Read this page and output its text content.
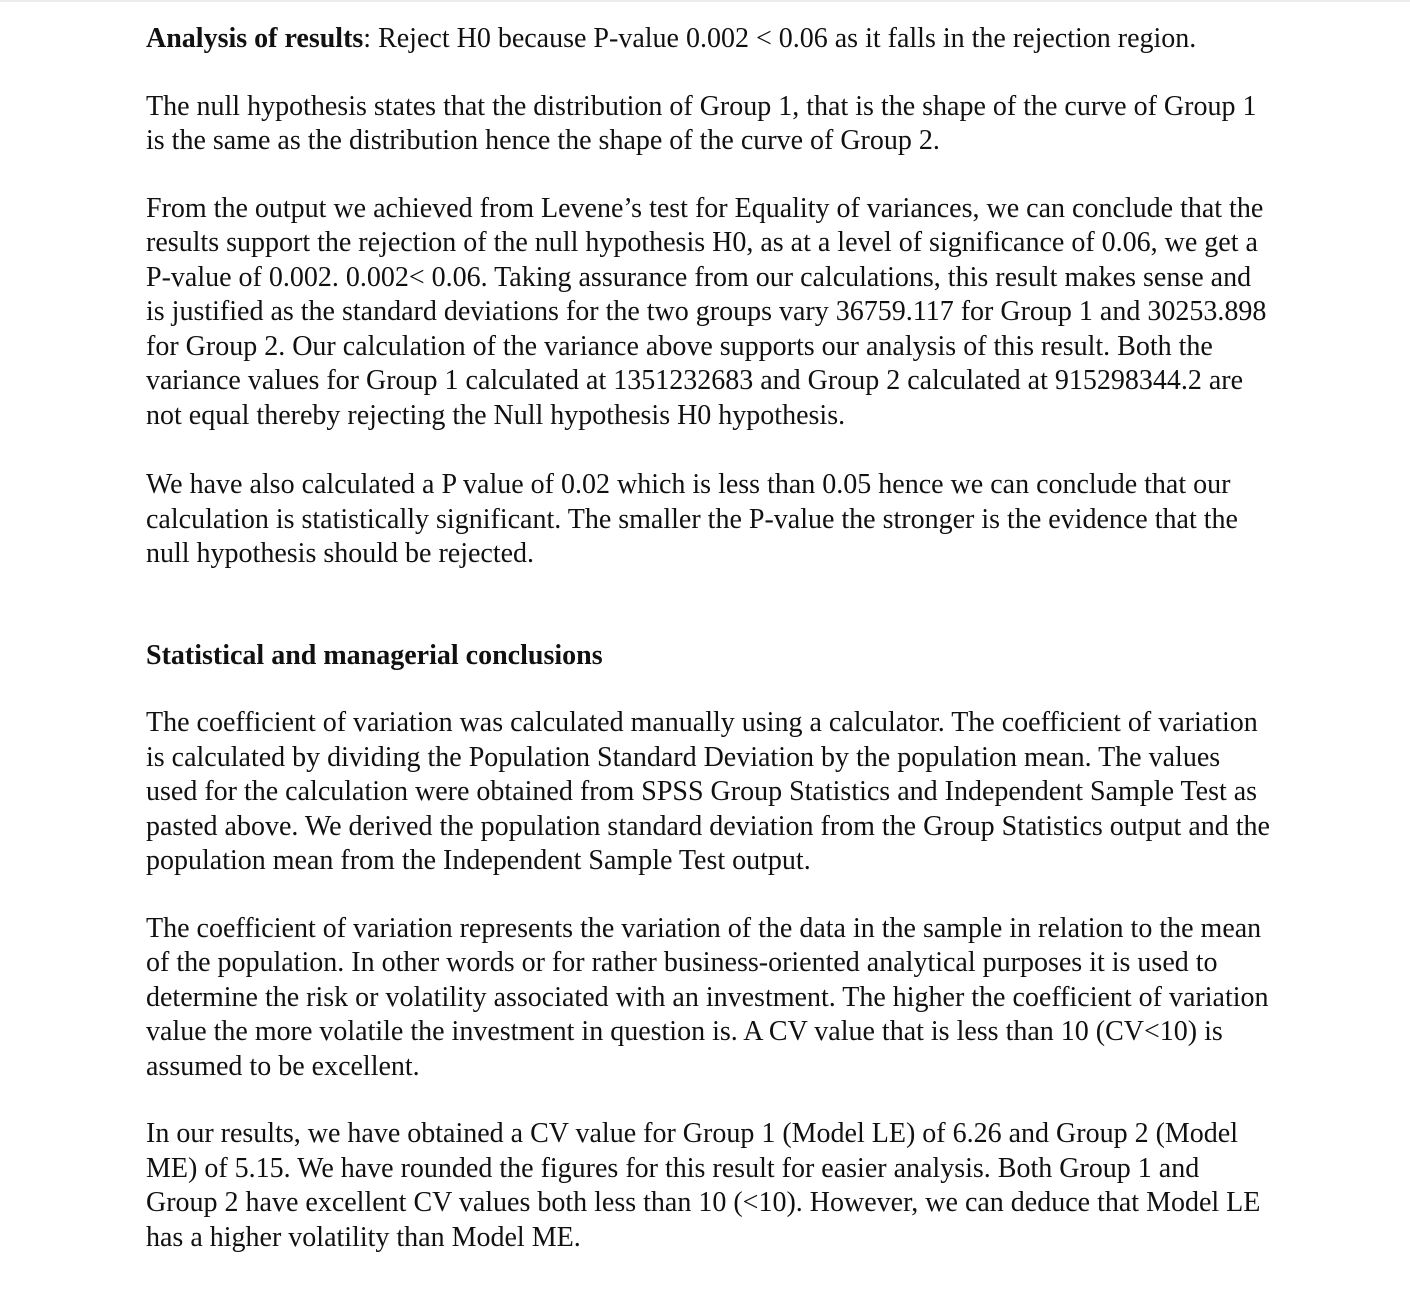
Analysis of results: Reject H0 because P-value 0.002 < 0.06 as it falls in the rejection region.

The null hypothesis states that the distribution of Group 1, that is the shape of the curve of Group 1 is the same as the distribution hence the shape of the curve of Group 2.

From the output we achieved from Levene’s test for Equality of variances, we can conclude that the results support the rejection of the null hypothesis H0, as at a level of significance of 0.06, we get a P-value of 0.002. 0.002< 0.06. Taking assurance from our calculations, this result makes sense and is justified as the standard deviations for the two groups vary 36759.117 for Group 1 and 30253.898 for Group 2. Our calculation of the variance above supports our analysis of this result. Both the variance values for Group 1 calculated at 1351232683 and Group 2 calculated at 915298344.2 are not equal thereby rejecting the Null hypothesis H0 hypothesis.

We have also calculated a P value of 0.02 which is less than 0.05 hence we can conclude that our calculation is statistically significant. The smaller the P-value the stronger is the evidence that the null hypothesis should be rejected.

Statistical and managerial conclusions

The coefficient of variation was calculated manually using a calculator. The coefficient of variation is calculated by dividing the Population Standard Deviation by the population mean. The values used for the calculation were obtained from SPSS Group Statistics and Independent Sample Test as pasted above. We derived the population standard deviation from the Group Statistics output and the population mean from the Independent Sample Test output.

The coefficient of variation represents the variation of the data in the sample in relation to the mean of the population. In other words or for rather business-oriented analytical purposes it is used to determine the risk or volatility associated with an investment. The higher the coefficient of variation value the more volatile the investment in question is. A CV value that is less than 10 (CV<10) is assumed to be excellent.

In our results, we have obtained a CV value for Group 1 (Model LE) of 6.26 and Group 2 (Model ME) of 5.15. We have rounded the figures for this result for easier analysis. Both Group 1 and Group 2 have excellent CV values both less than 10 (<10). However, we can deduce that Model LE has a higher volatility than Model ME.
